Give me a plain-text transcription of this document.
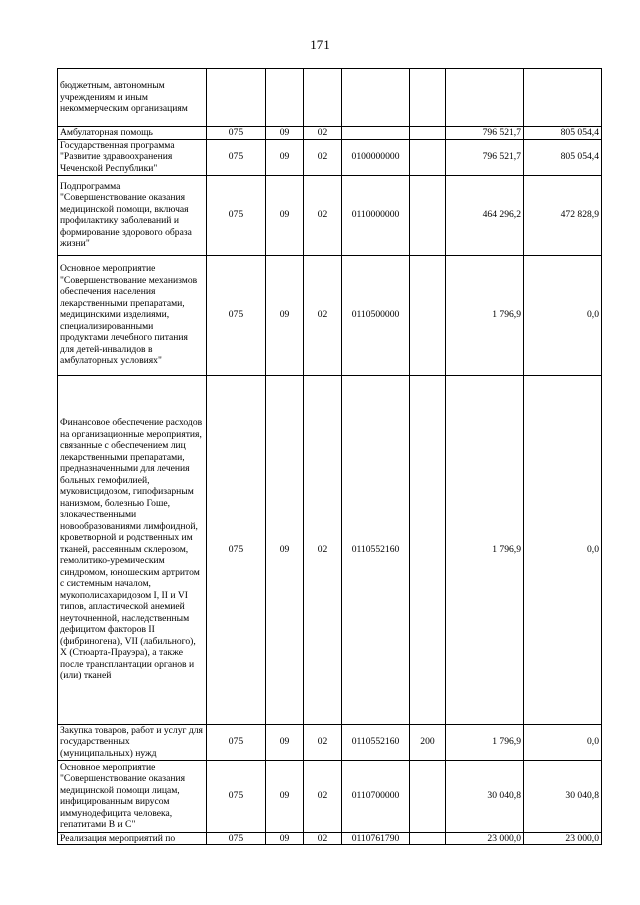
171
бюджетным, автономным учреждениям и иным некоммерческим организациям							
Амбулаторная помощь	075	09	02			796 521,7	805 054,4
Государственная программа "Развитие здравоохранения Чеченской Республики"	075	09	02	0100000000		796 521,7	805 054,4
Подпрограмма "Совершенствование оказания медицинской помощи, включая профилактику заболеваний и формирование здорового образа жизни"	075	09	02	0110000000		464 296,2	472 828,9
Основное мероприятие "Совершенствование механизмов обеспечения населения лекарственными препаратами, медицинскими изделиями, специализированными продуктами лечебного питания для детей-инвалидов в амбулаторных условиях"	075	09	02	0110500000		1 796,9	0,0
Финансовое обеспечение расходов на организационные мероприятия, связанные с обеспечением лиц лекарственными препаратами, предназначенными для лечения больных гемофилией, муковисцидозом, гипофизарным нанизмом, болезнью Гоше, злокачественными новообразованиями лимфоидной, кроветворной и родственных им тканей, рассеянным склерозом, гемолитико-уремическим синдромом, юношеским артритом с системным началом, мукополисахаридозом I, II и VI типов, апластической анемией неуточненной, наследственным дефицитом факторов II (фибриногена), VII (лабильного), X (Стюарта-Прауэра), а также после трансплантации органов и (или) тканей	075	09	02	0110552160		1 796,9	0,0
Закупка товаров, работ и услуг для государственных (муниципальных) нужд	075	09	02	0110552160	200	1 796,9	0,0
Основное мероприятие "Совершенствование оказания медицинской помощи лицам, инфицированным вирусом иммунодефицита человека, гепатитами В и С"	075	09	02	0110700000		30 040,8	30 040,8
Реализация мероприятий по	075	09	02	0110761790		23 000,0	23 000,0
